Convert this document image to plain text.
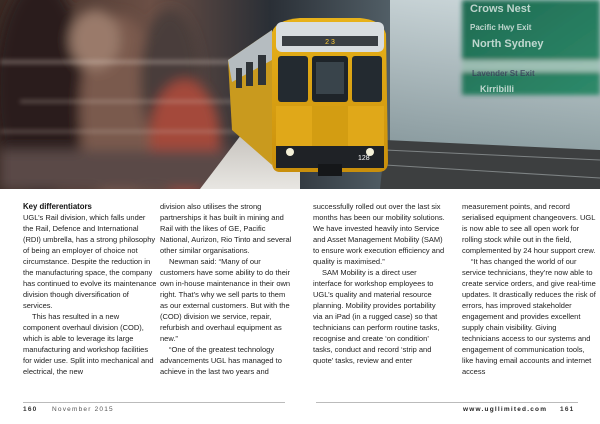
Crows Nest
Pacific Hwy Exit
North Sydney
Lavender St Exit
Kirribilli
2 3
128

Key differentiators

UGL’s Rail division, which falls under the Rail, Defence and International (RDI) umbrella, has a strong philosophy of being an employer of choice not circumstance. Despite the reduction in the manufacturing space, the company has continued to evolve its maintenance division though diversification of services.

This has resulted in a new component overhaul division (COD), which is able to leverage its large manufacturing and workshop facilities for wider use. Split into mechanical and electrical, the new

division also utilises the strong partnerships it has built in mining and Rail with the likes of GE, Pacific National, Aurizon, Rio Tinto and several other similar organisations.

Newman said: “Many of our customers have some ability to do their own in-house maintenance in their own right. That’s why we sell parts to them as our external customers. But with the (COD) division we service, repair, refurbish and overhaul equipment as new.”

“One of the greatest technology advancements UGL has managed to achieve in the last two years and

successfully rolled out over the last six months has been our mobility solutions. We have invested heavily into Service and Asset Management Mobility (SAM) to ensure work execution efficiency and quality is maximised.”

SAM Mobility is a direct user interface for workshop employees to UGL’s quality and material resource planning. Mobility provides portability via an iPad (in a rugged case) so that technicians can perform routine tasks, recognise and create ‘on condition’ tasks, conduct and record ‘strip and quote’ tasks, review and enter

measurement points, and record serialised equipment changeovers. UGL is now able to see all open work for rolling stock while out in the field, complemented by 24 hour support crew.

“It has changed the world of our service technicians, they’re now able to create service orders, and give real-time updates. It drastically reduces the risk of errors, has improved stakeholder engagement and provides excellent supply chain visibility. Giving technicians access to our systems and engagement of communication tools, like having email accounts and internet access

160 November 2015	www.ugllimited.com 161
